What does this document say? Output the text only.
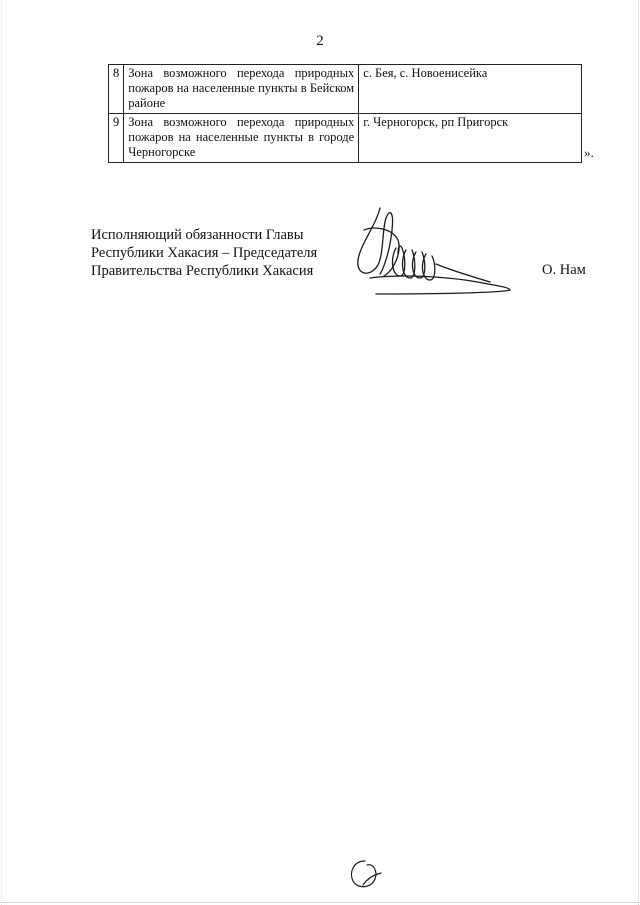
2
8	Зона возможного перехода природных пожаров на населенные пункты в Бейском районе	с. Бея, с. Новоенисейка
9	Зона возможного перехода природных пожаров на населенные пункты в городе Черногорске	г. Черногорск, рп Пригорск
».
Исполняющий обязанности Главы
Республики Хакасия – Председателя
Правительства Республики Хакасия	О. Нам
